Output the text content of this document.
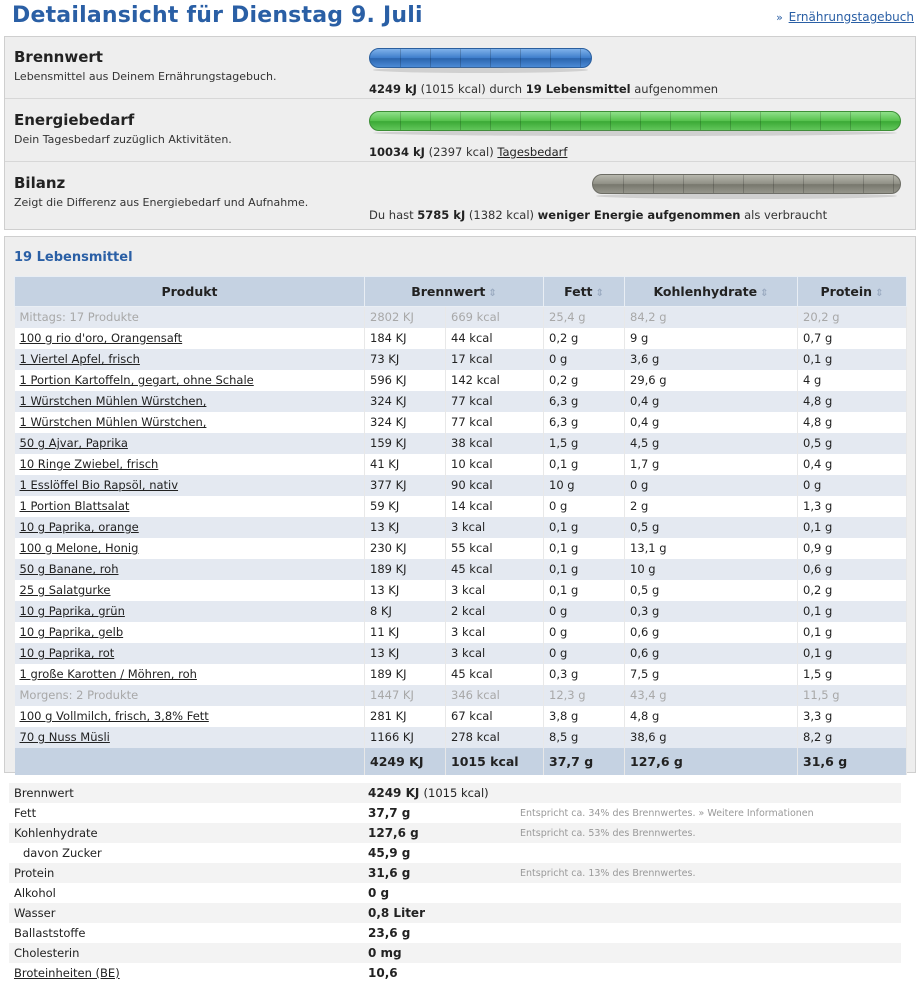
Detailansicht für Dienstag 9. Juli	» Ernährungstagebuch
Brennwert
Lebensmittel aus Deinem Ernährungstagebuch.
4249 kJ (1015 kcal) durch 19 Lebensmittel aufgenommen
Energiebedarf
Dein Tagesbedarf zuzüglich Aktivitäten.
10034 kJ (2397 kcal) Tagesbedarf
Bilanz
Zeigt die Differenz aus Energiebedarf und Aufnahme.
Du hast 5785 kJ (1382 kcal) weniger Energie aufgenommen als verbraucht
19 Lebensmittel
Produkt	Brennwert ⇕		Fett ⇕	Kohlenhydrate ⇕	Protein ⇕
Mittags: 17 Produkte	2802 KJ	669 kcal	25,4 g	84,2 g	20,2 g
100 g rio d'oro, Orangensaft	184 KJ	44 kcal	0,2 g	9 g	0,7 g
1 Viertel Apfel, frisch	73 KJ	17 kcal	0 g	3,6 g	0,1 g
1 Portion Kartoffeln, gegart, ohne Schale	596 KJ	142 kcal	0,2 g	29,6 g	4 g
1 Würstchen Mühlen Würstchen,	324 KJ	77 kcal	6,3 g	0,4 g	4,8 g
1 Würstchen Mühlen Würstchen,	324 KJ	77 kcal	6,3 g	0,4 g	4,8 g
50 g Ajvar, Paprika	159 KJ	38 kcal	1,5 g	4,5 g	0,5 g
10 Ringe Zwiebel, frisch	41 KJ	10 kcal	0,1 g	1,7 g	0,4 g
1 Esslöffel Bio Rapsöl, nativ	377 KJ	90 kcal	10 g	0 g	0 g
1 Portion Blattsalat	59 KJ	14 kcal	0 g	2 g	1,3 g
10 g Paprika, orange	13 KJ	3 kcal	0,1 g	0,5 g	0,1 g
100 g Melone, Honig	230 KJ	55 kcal	0,1 g	13,1 g	0,9 g
50 g Banane, roh	189 KJ	45 kcal	0,1 g	10 g	0,6 g
25 g Salatgurke	13 KJ	3 kcal	0,1 g	0,5 g	0,2 g
10 g Paprika, grün	8 KJ	2 kcal	0 g	0,3 g	0,1 g
10 g Paprika, gelb	11 KJ	3 kcal	0 g	0,6 g	0,1 g
10 g Paprika, rot	13 KJ	3 kcal	0 g	0,6 g	0,1 g
1 große Karotten / Möhren, roh	189 KJ	45 kcal	0,3 g	7,5 g	1,5 g
Morgens: 2 Produkte	1447 KJ	346 kcal	12,3 g	43,4 g	11,5 g
100 g Vollmilch, frisch, 3,8% Fett	281 KJ	67 kcal	3,8 g	4,8 g	3,3 g
70 g Nuss Müsli	1166 KJ	278 kcal	8,5 g	38,6 g	8,2 g
	4249 KJ	1015 kcal	37,7 g	127,6 g	31,6 g
Brennwert	4249 KJ (1015 kcal)	
Fett	37,7 g	Entspricht ca. 34% des Brennwertes. » Weitere Informationen
Kohlenhydrate	127,6 g	Entspricht ca. 53% des Brennwertes.
davon Zucker	45,9 g	
Protein	31,6 g	Entspricht ca. 13% des Brennwertes.
Alkohol	0 g	
Wasser	0,8 Liter	
Ballaststoffe	23,6 g	
Cholesterin	0 mg	
Broteinheiten (BE)	10,6	
